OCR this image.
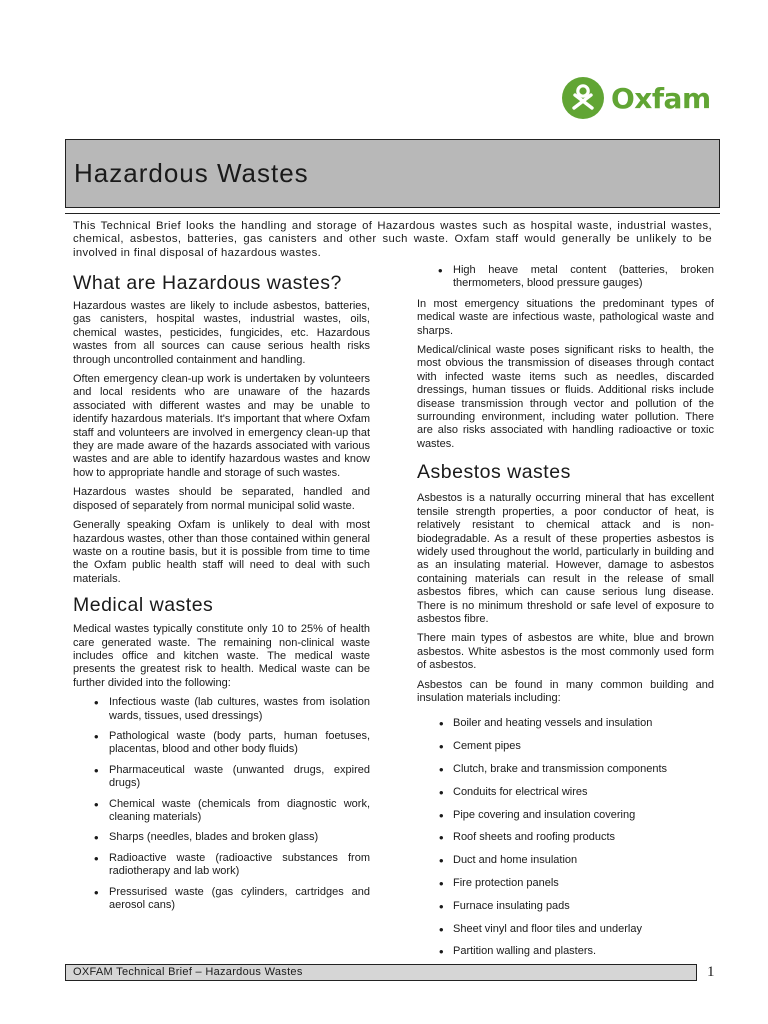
Oxfam
Hazardous Wastes
This Technical Brief looks the handling and storage of Hazardous wastes such as hospital waste, industrial wastes, chemical, asbestos, batteries, gas canisters and other such waste. Oxfam staff would generally be unlikely to be involved in final disposal of hazardous wastes.
What are Hazardous wastes?

Hazardous wastes are likely to include asbestos, batteries, gas canisters, hospital wastes, industrial wastes, oils, chemical wastes, pesticides, fungicides, etc. Hazardous wastes from all sources can cause serious health risks through uncontrolled containment and handling.

Often emergency clean-up work is undertaken by volunteers and local residents who are unaware of the hazards associated with different wastes and may be unable to identify hazardous materials. It's important that where Oxfam staff and volunteers are involved in emergency clean-up that they are made aware of the hazards associated with various wastes and are able to identify hazardous wastes and know how to appropriate handle and storage of such wastes.

Hazardous wastes should be separated, handled and disposed of separately from normal municipal solid waste.

Generally speaking Oxfam is unlikely to deal with most hazardous wastes, other than those contained within general waste on a routine basis, but it is possible from time to time the Oxfam public health staff will need to deal with such materials.

Medical wastes

Medical wastes typically constitute only 10 to 25% of health care generated waste. The remaining non-clinical waste includes office and kitchen waste. The medical waste presents the greatest risk to health. Medical waste can be further divided into the following:

• Infectious waste (lab cultures, wastes from isolation wards, tissues, used dressings)
• Pathological waste (body parts, human foetuses, placentas, blood and other body fluids)
• Pharmaceutical waste (unwanted drugs, expired drugs)
• Chemical waste (chemicals from diagnostic work, cleaning materials)
• Sharps (needles, blades and broken glass)
• Radioactive waste (radioactive substances from radiotherapy and lab work)
• Pressurised waste (gas cylinders, cartridges and aerosol cans)
• High heave metal content (batteries, broken thermometers, blood pressure gauges)

In most emergency situations the predominant types of medical waste are infectious waste, pathological waste and sharps.

Medical/clinical waste poses significant risks to health, the most obvious the transmission of diseases through contact with infected waste items such as needles, discarded dressings, human tissues or fluids. Additional risks include disease transmission through vector and pollution of the surrounding environment, including water pollution. There are also risks associated with handling radioactive or toxic wastes.

Asbestos wastes

Asbestos is a naturally occurring mineral that has excellent tensile strength properties, a poor conductor of heat, is relatively resistant to chemical attack and is non-biodegradable. As a result of these properties asbestos is widely used throughout the world, particularly in building and as an insulating material. However, damage to asbestos containing materials can result in the release of small asbestos fibres, which can cause serious lung disease. There is no minimum threshold or safe level of exposure to asbestos fibre.

There main types of asbestos are white, blue and brown asbestos. White asbestos is the most commonly used form of asbestos.

Asbestos can be found in many common building and insulation materials including:

• Boiler and heating vessels and insulation
• Cement pipes
• Clutch, brake and transmission components
• Conduits for electrical wires
• Pipe covering and insulation covering
• Roof sheets and roofing products
• Duct and home insulation
• Fire protection panels
• Furnace insulating pads
• Sheet vinyl and floor tiles and underlay
• Partition walling and plasters.
OXFAM Technical Brief – Hazardous Wastes	1
